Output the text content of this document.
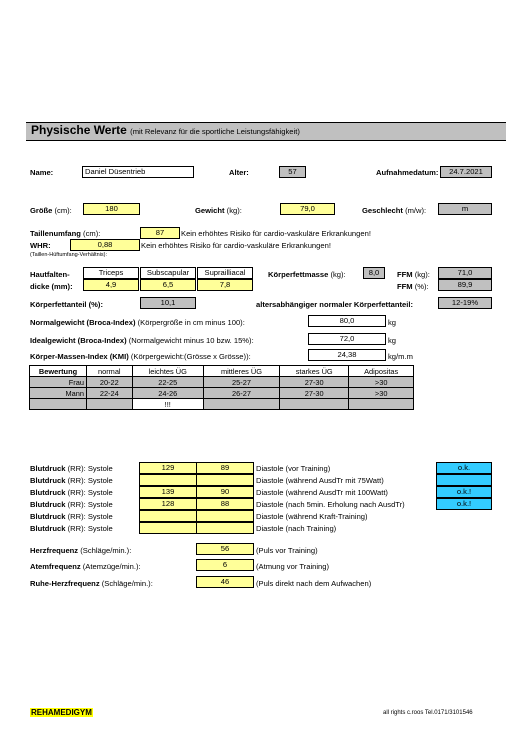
Physische Werte (mit Relevanz für die sportliche Leistungsfähigkeit)
Name:	Daniel Düsentrieb	Alter:	57	Aufnahmedatum:	24.7.2021
Größe (cm):	180	Gewicht (kg):	79,0	Geschlecht (m/w):	m
Taillenumfang (cm):	87	Kein erhöhtes Risiko für cardio-vaskuläre Erkrankungen!
WHR:	0,88	Kein erhöhtes Risiko für cardio-vaskuläre Erkrankungen!
(Taillen-Hüftumfang-Verhältnis):
Hautfalten-
dicke (mm):
Triceps	Subscapular	Suprailliacal
4,9	6,5	7,8
Körperfettmasse (kg):	8,0	FFM (kg):	71,0
FFM (%):	89,9
Körperfettanteil (%):	10,1	altersabhängiger normaler Körperfettanteil:	12-19%
Normalgewicht (Broca-Index) (Körpergröße in cm minus 100):	80,0	kg
Idealgewicht (Broca-Index) (Normalgewicht minus 10 bzw. 15%):	72,0	kg
Körper-Massen-Index (KMI) (Körpergewicht:(Grösse x Grösse)):	24,38	kg/m.m
Bewertung	normal	leichtes ÜG	mittleres ÜG	starkes ÜG	Adipositas
Frau	20-22	22-25	25-27	27-30	>30
Mann	22-24	24-26	26-27	27-30	>30
		!!!			
Blutdruck (RR): Systole	129	89	Diastole (vor Training)	o.k.
Blutdruck (RR): Systole	Diastole (während AusdTr mit 75Watt)
Blutdruck (RR): Systole	139	90	Diastole (während AusdTr mit 100Watt)	o.k.!
Blutdruck (RR): Systole	128	88	Diastole (nach 5min. Erholung nach AusdTr)	o.k.!
Blutdruck (RR): Systole	Diastole (während Kraft-Training)
Blutdruck (RR): Systole	Diastole (nach Training)
Herzfrequenz (Schläge/min.):	56	(Puls vor Training)
Atemfrequenz (Atemzüge/min.):	6	(Atmung vor Training)
Ruhe-Herzfrequenz (Schläge/min.):	46	(Puls direkt nach dem Aufwachen)
REHAMEDIGYM	all rights c.roos Tel.0171/3101546
